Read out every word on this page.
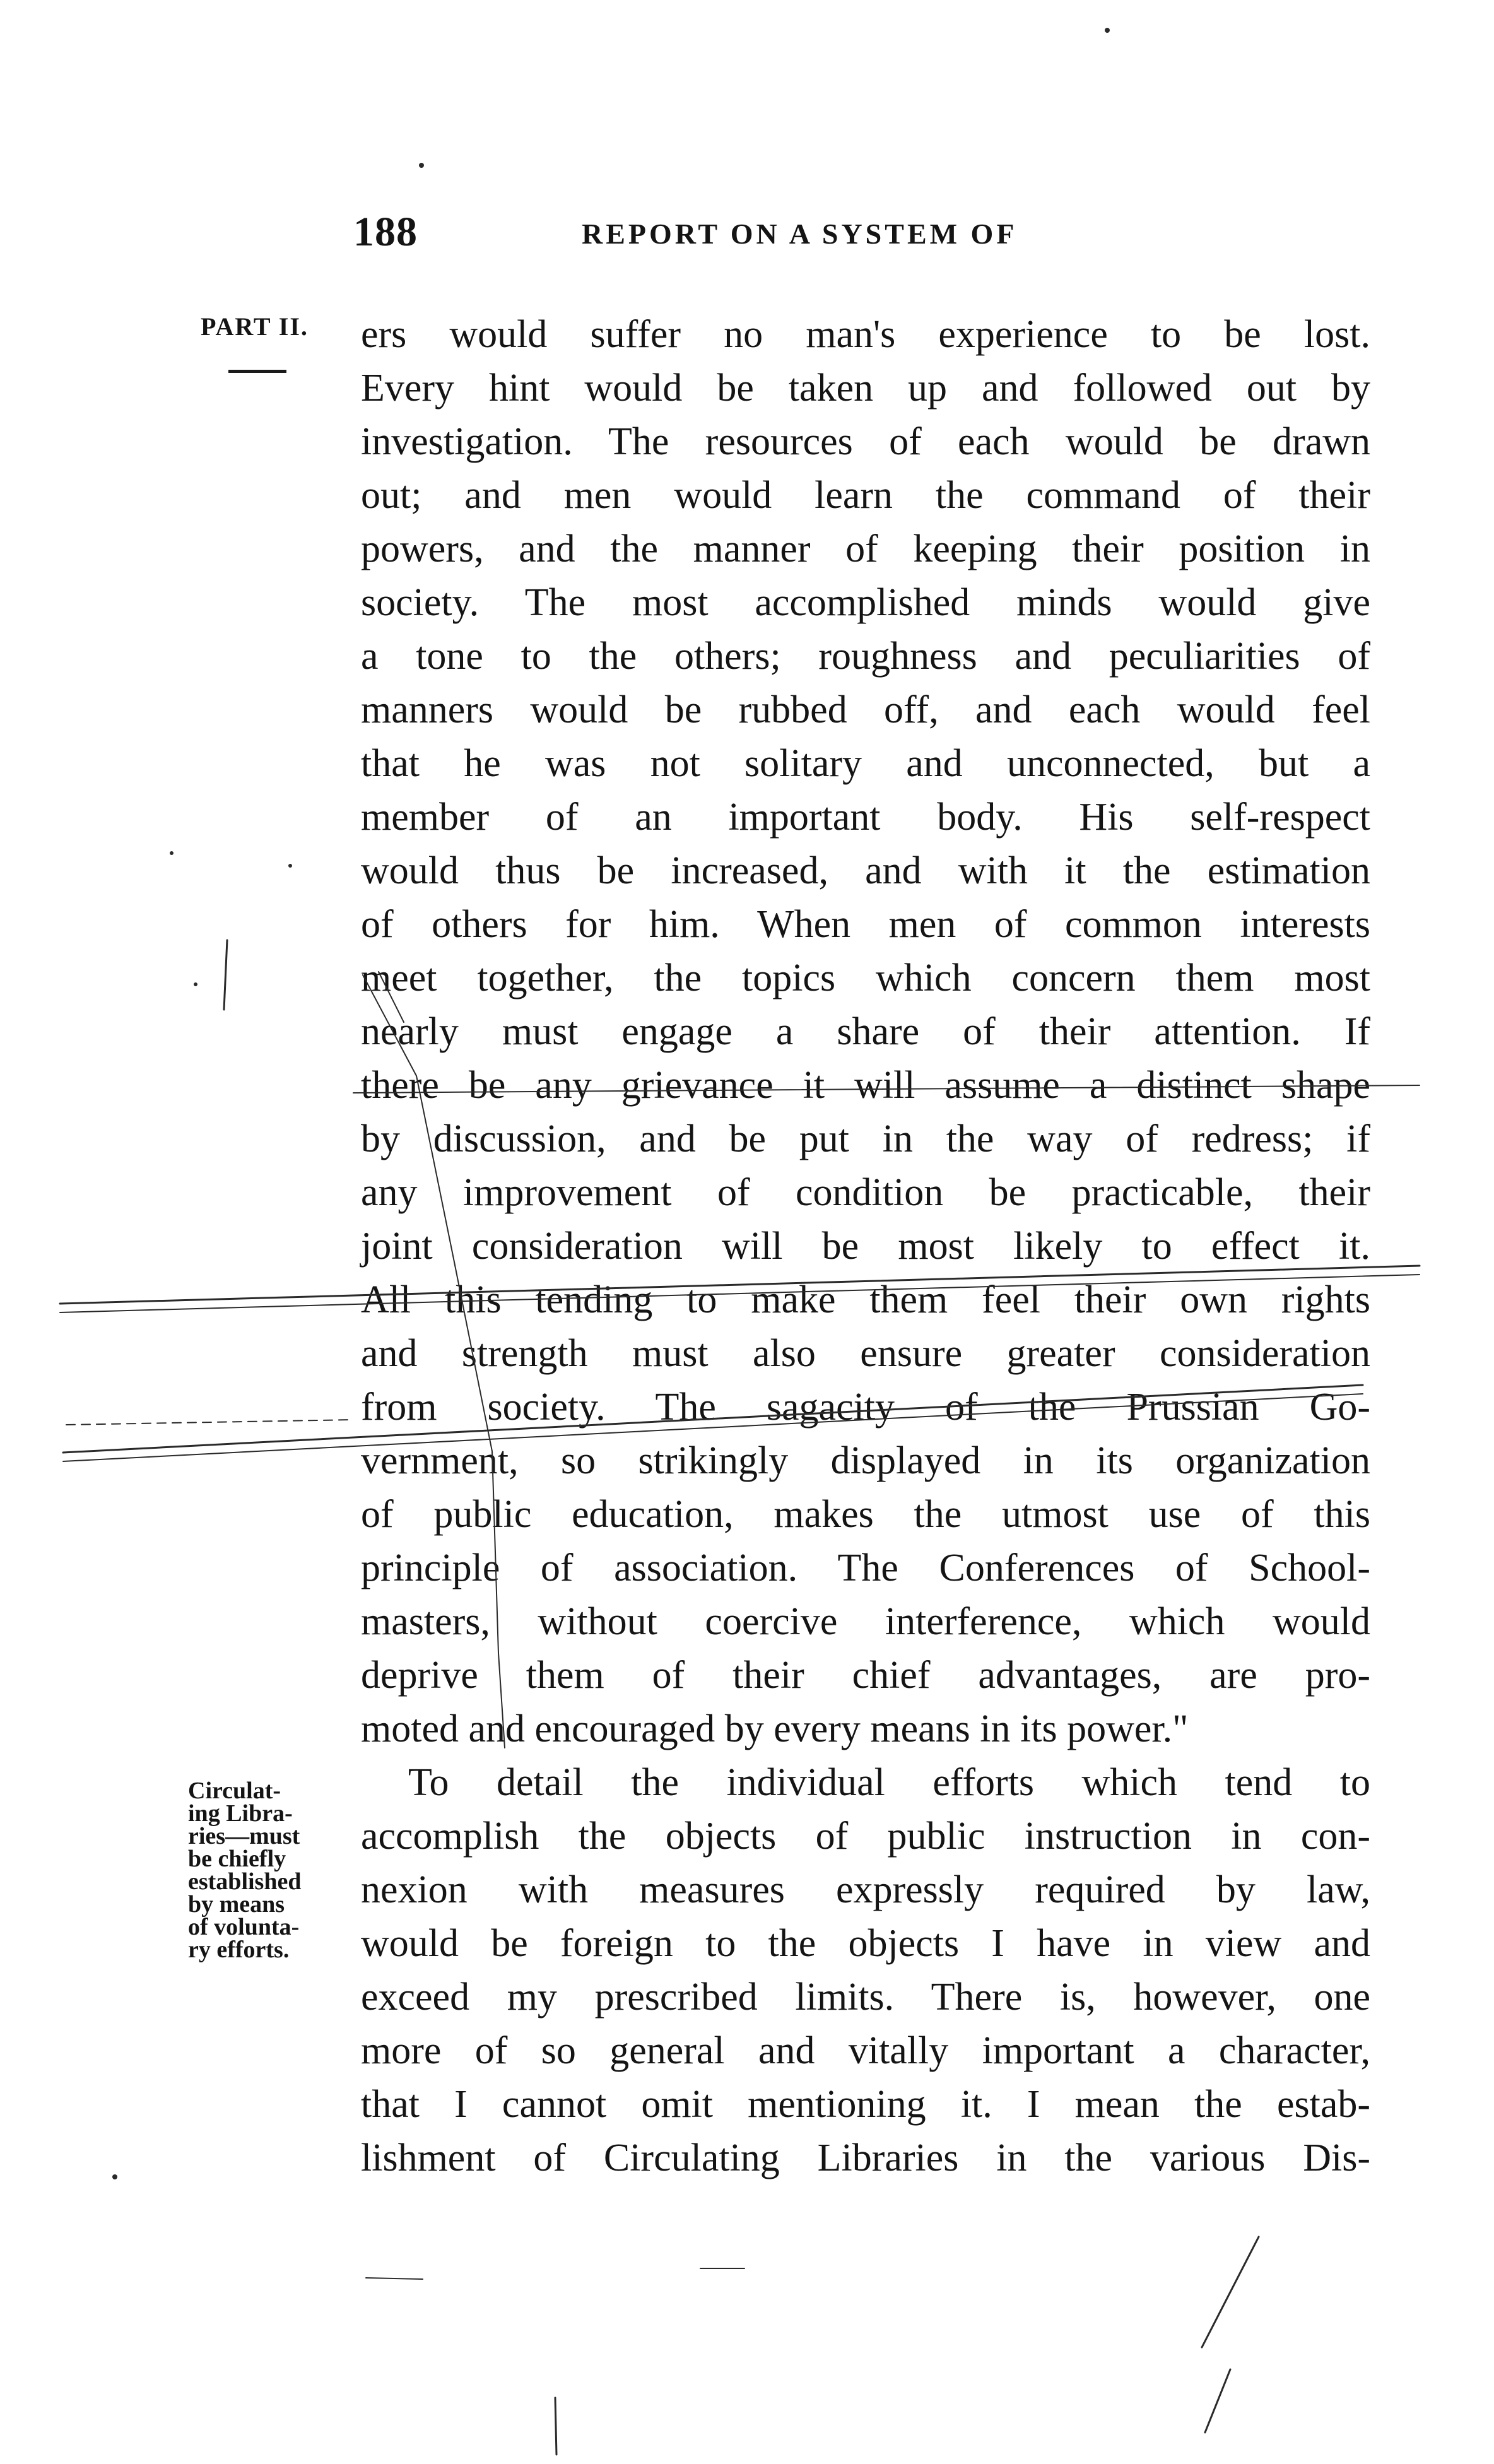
188	REPORT ON A SYSTEM OF
PART II. ers would suffer no man's experience to be lost.
Every hint would be taken up and followed out by
investigation. The resources of each would be drawn
out; and men would learn the command of their
powers, and the manner of keeping their position in
society. The most accomplished minds would give
a tone to the others; roughness and peculiarities of
manners would be rubbed off, and each would feel
that he was not solitary and unconnected, but a
member of an important body. His self-respect
would thus be increased, and with it the estimation
of others for him. When men of common interests
meet together, the topics which concern them most
nearly must engage a share of their attention. If
there be any grievance it will assume a distinct shape
by discussion, and be put in the way of redress; if
any improvement of condition be practicable, their
joint consideration will be most likely to effect it.
All this tending to make them feel their own rights
and strength must also ensure greater consideration
from society. The sagacity of the Prussian Go-
vernment, so strikingly displayed in its organization
of public education, makes the utmost use of this
principle of association. The Conferences of School-
masters, without coercive interference, which would
deprive them of their chief advantages, are pro-
moted and encouraged by every means in its power."
To detail the individual efforts which tend to
accomplish the objects of public instruction in con-
nexion with measures expressly required by law,
would be foreign to the objects I have in view and
exceed my prescribed limits. There is, however, one
more of so general and vitally important a character,
that I cannot omit mentioning it. I mean the estab-
lishment of Circulating Libraries in the various Dis-
Circulat-
ing Libra-
ries—must
be chiefly
established
by means
of volunta-
ry efforts.
